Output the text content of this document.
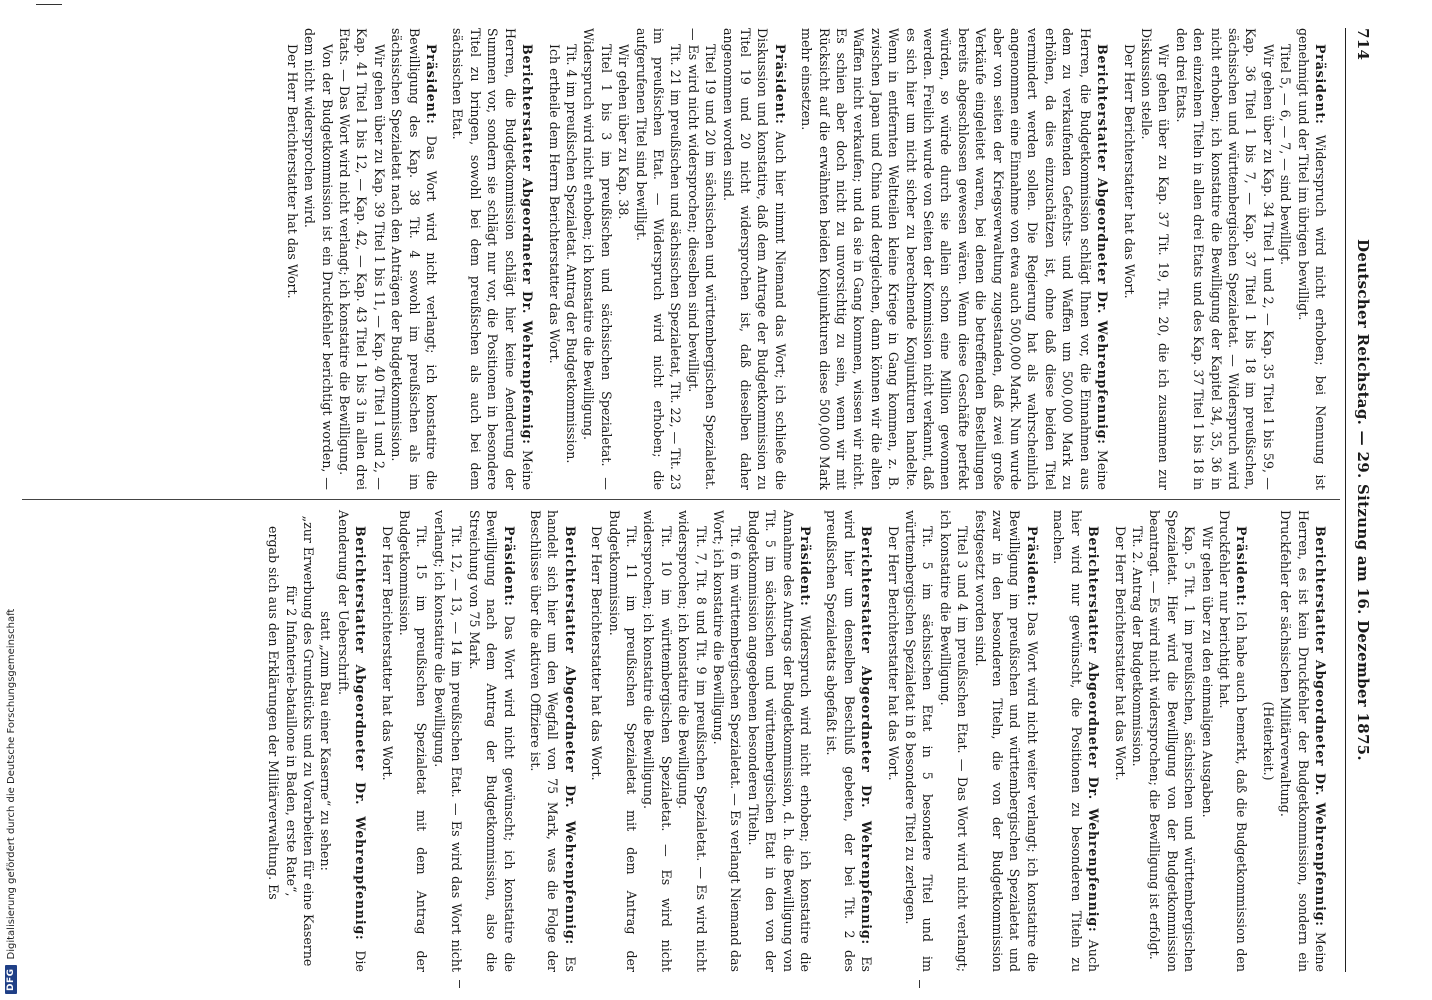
714
Deutscher Reichstag. — 29. Sitzung am 16. Dezember 1875.

Präsident: Widerspruch wird nicht erhoben; bei Nennung ist genehmigt und der Titel im übrigen bewilligt.

Titel 5, — 6, — 7, — sind bewilligt.

Wir gehen über zu Kap. 34 Titel 1 und 2, — Kap. 35 Titel 1 bis 59, — Kap. 36 Titel 1 bis 7, — Kap. 37 Titel 1 bis 18 im preußischen, sächsischen und württembergischen Spezialetat. — Widerspruch wird nicht erhoben; ich konstatire die Bewilligung der Kapitel 34, 35, 36 in den einzelnen Titeln in allen drei Etats und des Kap. 37 Titel 1 bis 18 in den drei Etats.

Wir gehen über zu Kap. 37 Tit. 19, Tit. 20, die ich zusammen zur Diskussion stelle.

Der Herr Berichterstatter hat das Wort.

Berichterstatter Abgeordneter Dr. Wehrenpfennig: Meine Herren, die Budgetkommission schlägt Ihnen vor, die Einnahmen aus dem zu verkaufenden Gefechts- und Waffen um 500,000 Mark zu erhöhen, da dies einzuschätzen ist, ohne daß diese beiden Titel vermindert werden sollen. Die Regierung hat als wahrscheinlich angenommen eine Einnahme von etwa auch 500,000 Mark. Nun wurde aber von seiten der Kriegsverwaltung zugestanden, daß zwei große Verkäufe eingeleitet waren, bei denen die betreffenden Bestellungen bereits abgeschlossen gewesen wären. Wenn diese Geschäfte perfekt würden, so würde durch sie allein schon eine Million gewonnen werden. Freilich wurde von Seiten der Kommission nicht verkannt, daß es sich hier um nicht sicher zu berechnende Konjunkturen handelte. Wenn in entfernten Weltteilen kleine Kriege in Gang kommen, z. B. zwischen Japan und China und dergleichen, dann können wir die alten Waffen nicht verkaufen; und da sie in Gang kommen, wissen wir nicht. Es schien aber doch nicht zu unvorsichtig zu sein, wenn wir mit Rücksicht auf die erwähnten beiden Konjunkturen diese 500,000 Mark mehr einsetzen.

Präsident: Auch hier nimmt Niemand das Wort; ich schließe die Diskussion und konstatire, daß dem Antrage der Budgetkommission zu Titel 19 und 20 nicht widersprochen ist, daß dieselben daher angenommen worden sind.

Titel 19 und 20 im sächsischen und württembergischen Spezialetat. — Es wird nicht widersprochen; dieselben sind bewilligt.

Tit. 21 im preußischen und sächsischen Spezialetat, Tit. 22, — Tit. 23 im preußischen Etat. — Widerspruch wird nicht erhoben; die aufgerufenen Titel sind bewilligt.

Wir gehen über zu Kap. 38.

Titel 1 bis 3 im preußischen und sächsischen Spezialetat. — Widerspruch wird nicht erhoben; ich konstatire die Bewilligung.

Tit. 4 im preußischen Spezialetat. Antrag der Budgetkommission.

Ich ertheile dem Herrn Berichterstatter das Wort.

Berichterstatter Abgeordneter Dr. Wehrenpfennig: Meine Herren, die Budgetkommission schlägt hier keine Aenderung der Summen vor, sondern sie schlägt nur vor, die Positionen in besondere Titel zu bringen, sowohl bei dem preußischen als auch bei dem sächsischen Etat.

Präsident: Das Wort wird nicht verlangt; ich konstatire die Bewilligung des Kap. 38 Tit. 4 sowohl im preußischen als im sächsischen Spezialetat nach den Anträgen der Budgetkommission.

Wir gehen über zu Kap. 39 Titel 1 bis 11, — Kap. 40 Titel 1 und 2, — Kap. 41 Titel 1 bis 12, — Kap. 42, — Kap. 43 Titel 1 bis 3 in allen drei Etats. — Das Wort wird nicht verlangt; ich konstatire die Bewilligung.

Von der Budgetkommission ist ein Druckfehler berichtigt worden, — dem nicht widersprochen wird.

Der Herr Berichterstatter hat das Wort.

Berichterstatter Abgeordneter Dr. Wehrenpfennig: Meine Herren, es ist kein Druckfehler der Budgetkommission, sondern ein Druckfehler der sächsischen Militärverwaltung.

(Heiterkeit.)

Präsident: Ich habe auch bemerkt, daß die Budgetkommission den Druckfehler nur berichtigt hat.

Wir gehen über zu den einmaligen Ausgaben.

Kap. 5 Tit. 1 im preußischen, sächsischen und württembergischen Spezialetat. Hier wird die Bewilligung von der Budgetkommission beantragt. — Es wird nicht widersprochen; die Bewilligung ist erfolgt.

Tit. 2. Antrag der Budgetkommission.

Der Herr Berichterstatter hat das Wort.

Berichterstatter Abgeordneter Dr. Wehrenpfennig: Auch hier wird nur gewünscht, die Positionen zu besonderen Titeln zu machen.

Präsident: Das Wort wird nicht weiter verlangt; ich konstatire die Bewilligung im preußischen und württembergischen Spezialetat und zwar in den besonderen Titeln, die von der Budgetkommission festgesetzt worden sind.

Titel 3 und 4 im preußischen Etat. — Das Wort wird nicht verlangt; ich konstatire die Bewilligung.

Tit. 5 im sächsischen Etat in 5 besondere Titel und im württembergischen Spezialetat in 8 besondere Titel zu zerlegen.

Der Herr Berichterstatter hat das Wort.

Berichterstatter Abgeordneter Dr. Wehrenpfennig: Es wird hier um denselben Beschluß gebeten, der bei Tit. 2 des preußischen Spezialetats abgefaßt ist.

Präsident: Widerspruch wird nicht erhoben; ich konstatire die Annahme des Antrags der Budgetkommission, d. h. die Bewilligung von Tit. 5 im sächsischen und württembergischen Etat in den von der Budgetkommission angegebenen besonderen Titeln.

Tit. 6 im württembergischen Spezialetat. — Es verlangt Niemand das Wort; ich konstatire die Bewilligung.

Tit. 7, Tit. 8 und Tit. 9 im preußischen Spezialetat. — Es wird nicht widersprochen; ich konstatire die Bewilligung.

Tit. 10 im württembergischen Spezialetat. — Es wird nicht widersprochen; ich konstatire die Bewilligung.

Tit. 11 im preußischen Spezialetat mit dem Antrag der Budgetkommission.

Der Herr Berichterstatter hat das Wort.

Berichterstatter Abgeordneter Dr. Wehrenpfennig: Es handelt sich hier um den Wegfall von 75 Mark, was die Folge der Beschlüsse über die aktiven Offiziere ist.

Präsident: Das Wort wird nicht gewünscht; ich konstatire die Bewilligung nach dem Antrag der Budgetkommission, also die Streichung von 75 Mark.

Tit. 12, — 13, — 14 im preußischen Etat. — Es wird das Wort nicht verlangt; ich konstatire die Bewilligung.

Tit. 15 im preußischen Spezialetat mit dem Antrag der Budgetkommission.

Der Herr Berichterstatter hat das Wort.

Berichterstatter Abgeordneter Dr. Wehrenpfennig: Die Aenderung der Ueberschrift.

statt „zum Bau einer Kaserne“ zu sehen:

„zur Erwerbung des Grundstücks und zu Vorarbeiten für eine Kaserne für 2 Infanterie-bataillone in Baden, erste Rate“,

ergab sich aus den Erklärungen der Militärverwaltung. Es

DFG
Digitalisierung gefördert durch die Deutsche Forschungsgemeinschaft
